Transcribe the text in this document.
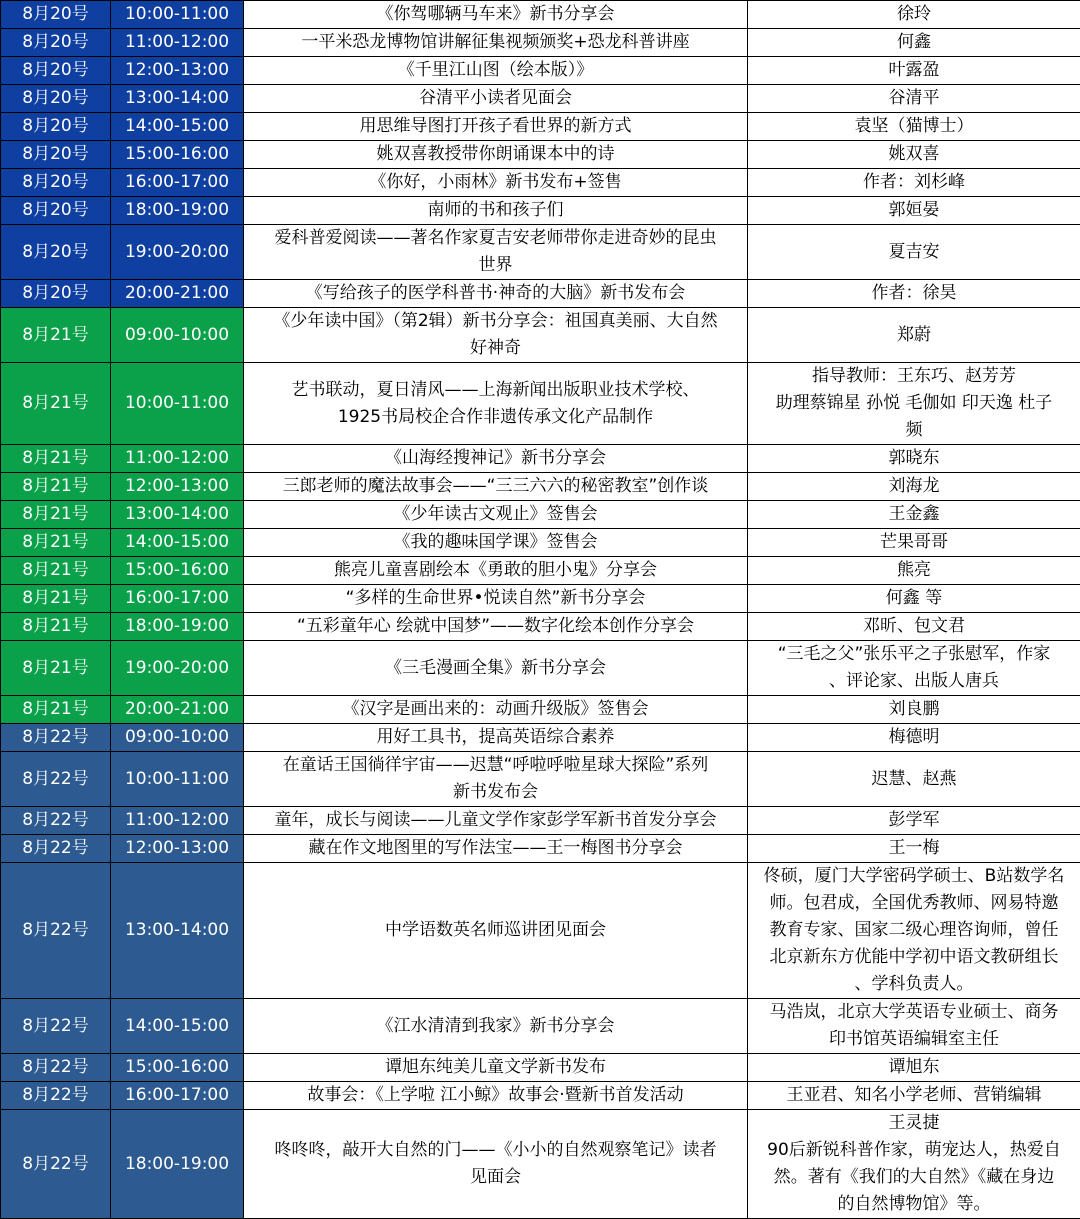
8月20号	10:00-11:00	《你驾哪辆马车来》新书分享会	徐玲

8月20号	11:00-12:00	一平米恐龙博物馆讲解征集视频颁奖+恐龙科普讲座	何鑫

8月20号	12:00-13:00	《千里江山图（绘本版）》	叶露盈

8月20号	13:00-14:00	谷清平小读者见面会	谷清平

8月20号	14:00-15:00	用思维导图打开孩子看世界的新方式	袁坚（猫博士）

8月20号	15:00-16:00	姚双喜教授带你朗诵课本中的诗	姚双喜

8月20号	16:00-17:00	《你好，小雨林》新书发布+签售	作者：刘杉峰

8月20号	18:00-19:00	南师的书和孩子们	郭姮晏

8月20号	19:00-20:00	爱科普爱阅读——著名作家夏吉安老师带你走进奇妙的昆虫
世界	夏吉安

8月20号	20:00-21:00	《写给孩子的医学科普书·神奇的大脑》新书发布会	作者：徐昊

8月21号	09:00-10:00	《少年读中国》（第2辑）新书分享会：祖国真美丽、大自然
好神奇	郑蔚

8月21号	10:00-11:00	艺书联动，夏日清风——上海新闻出版职业技术学校、
1925书局校企合作非遗传承文化产品制作	指导教师：王东巧、赵芳芳
助理蔡锦星 孙悦 毛伽如 印天逸 杜子
频

8月21号	11:00-12:00	《山海经搜神记》新书分享会	郭晓东

8月21号	12:00-13:00	三郎老师的魔法故事会——“三三六六的秘密教室”创作谈	刘海龙

8月21号	13:00-14:00	《少年读古文观止》签售会	王金鑫

8月21号	14:00-15:00	《我的趣味国学课》签售会	芒果哥哥

8月21号	15:00-16:00	熊亮儿童喜剧绘本《勇敢的胆小鬼》分享会	熊亮

8月21号	16:00-17:00	“多样的生命世界•悦读自然”新书分享会	何鑫 等

8月21号	18:00-19:00	“五彩童年心 绘就中国梦”——数字化绘本创作分享会	邓昕、包文君

8月21号	19:00-20:00	《三毛漫画全集》新书分享会	“三毛之父”张乐平之子张慰军，作家
、评论家、出版人唐兵

8月21号	20:00-21:00	《汉字是画出来的：动画升级版》签售会	刘良鹏

8月22号	09:00-10:00	用好工具书，提高英语综合素养	梅德明

8月22号	10:00-11:00	在童话王国徜徉宇宙——迟慧“呼啦呼啦星球大探险”系列
新书发布会	迟慧、赵燕

8月22号	11:00-12:00	童年，成长与阅读——儿童文学作家彭学军新书首发分享会	彭学军

8月22号	12:00-13:00	藏在作文地图里的写作法宝——王一梅图书分享会	王一梅

8月22号	13:00-14:00	中学语数英名师巡讲团见面会	佟硕，厦门大学密码学硕士、B站数学名
师。包君成，全国优秀教师、网易特邀
教育专家、国家二级心理咨询师，曾任
北京新东方优能中学初中语文教研组长
、学科负责人。

8月22号	14:00-15:00	《江水清清到我家》新书分享会	马浩岚，北京大学英语专业硕士、商务
印书馆英语编辑室主任

8月22号	15:00-16:00	谭旭东纯美儿童文学新书发布	谭旭东

8月22号	16:00-17:00	故事会：《上学啦 江小鲸》故事会·暨新书首发活动	王亚君、知名小学老师、营销编辑

8月22号	18:00-19:00	咚咚咚，敲开大自然的门——《小小的自然观察笔记》读者
见面会	王灵捷
90后新锐科普作家，萌宠达人，热爱自
然。著有《我们的大自然》《藏在身边
的自然博物馆》等。
